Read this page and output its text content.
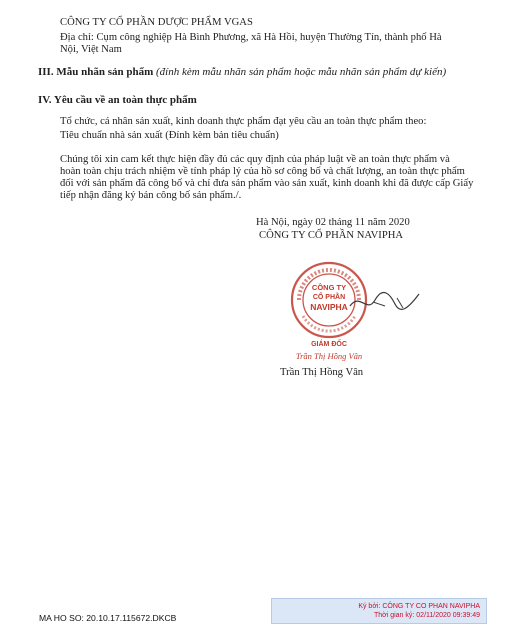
CÔNG TY CỔ PHẦN DƯỢC PHẨM VGAS
Địa chỉ: Cụm công nghiệp Hà Bình Phương, xã Hà Hồi, huyện Thường Tín, thành phố Hà
Nội, Việt Nam
III. Mẫu nhãn sản phẩm (đính kèm mẫu nhãn sản phẩm hoặc mẫu nhãn sản phẩm dự kiến)
IV. Yêu cầu về an toàn thực phẩm
Tổ chức, cá nhân sản xuất, kinh doanh thực phẩm đạt yêu cầu an toàn thực phẩm theo:
Tiêu chuẩn nhà sản xuất (Đính kèm bản tiêu chuẩn)
Chúng tôi xin cam kết thực hiện đầy đủ các quy định của pháp luật về an toàn thực phẩm và
hoàn toàn chịu trách nhiệm về tính pháp lý của hồ sơ công bố và chất lượng, an toàn thực phẩm
đối với sản phẩm đã công bố và chỉ đưa sản phẩm vào sản xuất, kinh doanh khi đã được cấp Giấy
tiếp nhận đăng ký bản công bố sản phẩm./.
Hà Nội, ngày 02 tháng 11 năm 2020
CÔNG TY CỔ PHẦN NAVIPHA
CÔNG TY
CỔ PHẦN
NAVIPHA
GIÁM ĐỐC
Trần Thị Hồng Vân
Trần Thị Hồng Vân
MA HO SO: 20.10.17.115672.DKCB
Ký bởi: CÔNG TY CO PHAN NAVIPHA
Thời gian ký: 02/11/2020 09:39:49
